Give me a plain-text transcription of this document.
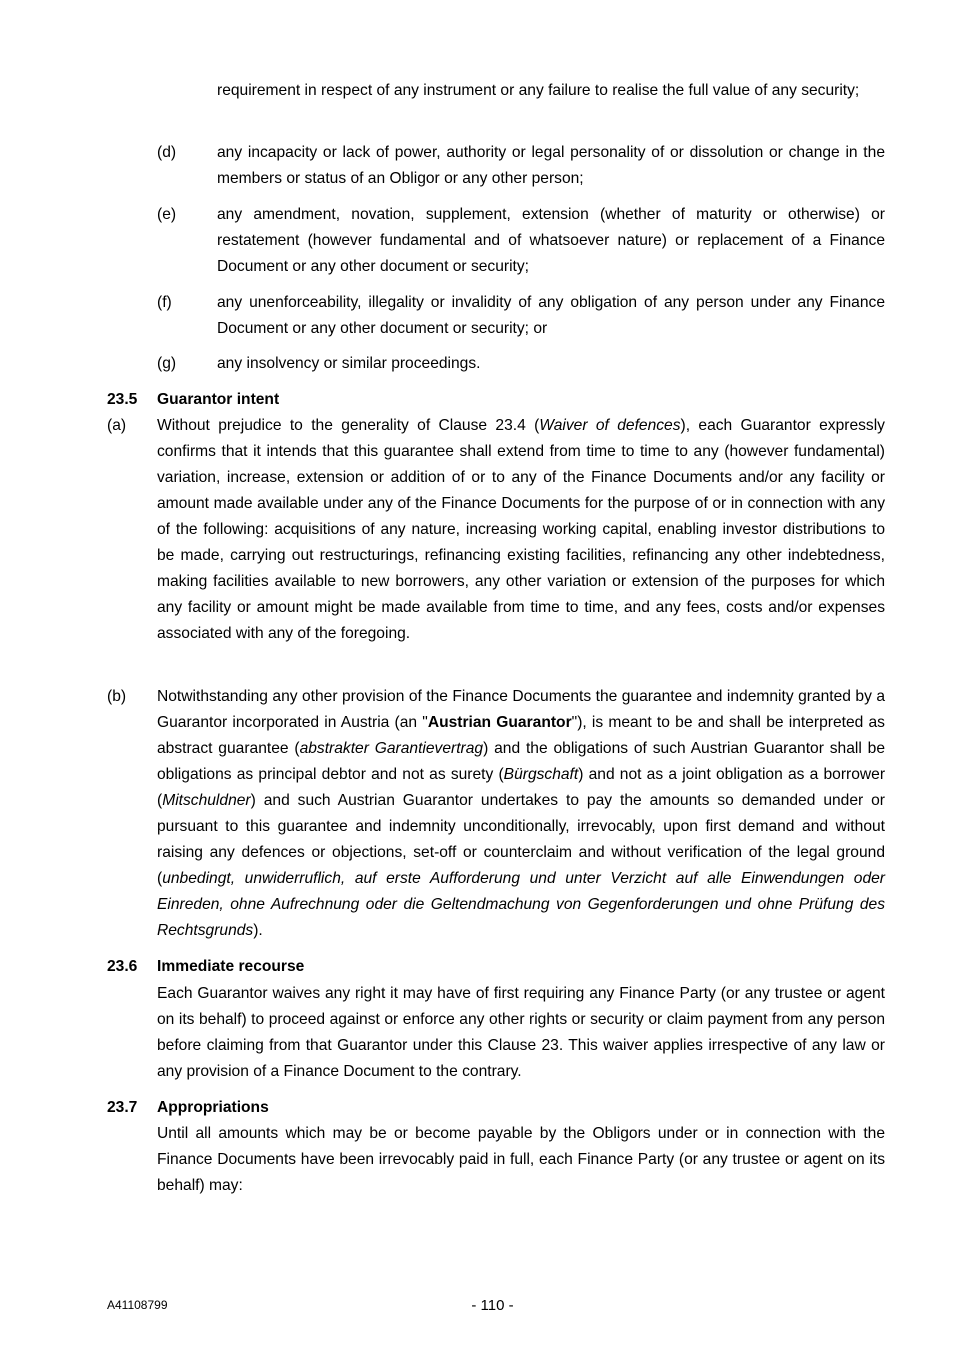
requirement in respect of any instrument or any failure to realise the full value of any security;
(d)	any incapacity or lack of power, authority or legal personality of or dissolution or change in the members or status of an Obligor or any other person;
(e)	any amendment, novation, supplement, extension (whether of maturity or otherwise) or restatement (however fundamental and of whatsoever nature) or replacement of a Finance Document or any other document or security;
(f)	any unenforceability, illegality or invalidity of any obligation of any person under any Finance Document or any other document or security; or
(g)	any insolvency or similar proceedings.
23.5 Guarantor intent
(a) Without prejudice to the generality of Clause 23.4 (Waiver of defences), each Guarantor expressly confirms that it intends that this guarantee shall extend from time to time to any (however fundamental) variation, increase, extension or addition of or to any of the Finance Documents and/or any facility or amount made available under any of the Finance Documents for the purpose of or in connection with any of the following: acquisitions of any nature, increasing working capital, enabling investor distributions to be made, carrying out restructurings, refinancing existing facilities, refinancing any other indebtedness, making facilities available to new borrowers, any other variation or extension of the purposes for which any facility or amount might be made available from time to time, and any fees, costs and/or expenses associated with any of the foregoing.
(b) Notwithstanding any other provision of the Finance Documents the guarantee and indemnity granted by a Guarantor incorporated in Austria (an "Austrian Guarantor"), is meant to be and shall be interpreted as abstract guarantee (abstrakter Garantievertrag) and the obligations of such Austrian Guarantor shall be obligations as principal debtor and not as surety (Bürgschaft) and not as a joint obligation as a borrower (Mitschuldner) and such Austrian Guarantor undertakes to pay the amounts so demanded under or pursuant to this guarantee and indemnity unconditionally, irrevocably, upon first demand and without raising any defences or objections, set-off or counterclaim and without verification of the legal ground (unbedingt, unwiderruflich, auf erste Aufforderung und unter Verzicht auf alle Einwendungen oder Einreden, ohne Aufrechnung oder die Geltendmachung von Gegenforderungen und ohne Prüfung des Rechtsgrunds).
23.6 Immediate recourse
Each Guarantor waives any right it may have of first requiring any Finance Party (or any trustee or agent on its behalf) to proceed against or enforce any other rights or security or claim payment from any person before claiming from that Guarantor under this Clause 23. This waiver applies irrespective of any law or any provision of a Finance Document to the contrary.
23.7 Appropriations
Until all amounts which may be or become payable by the Obligors under or in connection with the Finance Documents have been irrevocably paid in full, each Finance Party (or any trustee or agent on its behalf) may:
A41108799	- 110 -
